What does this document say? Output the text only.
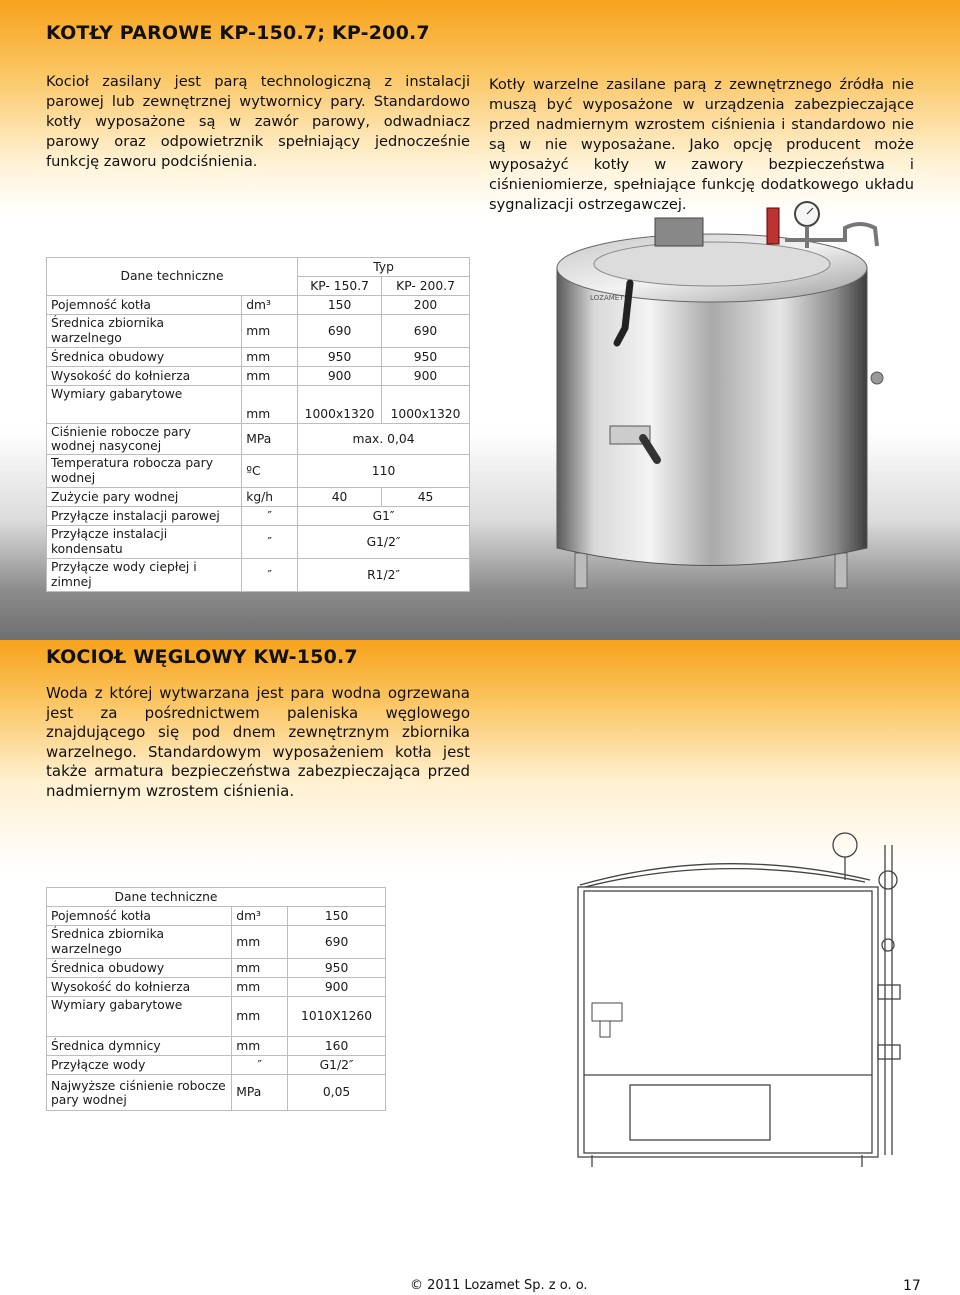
KOTŁY PAROWE KP-150.7; KP-200.7

Kocioł zasilany jest parą technologiczną z instalacji parowej lub zewnętrznej wytwornicy pary. Standardowo kotły wyposażone są w zawór parowy, odwadniacz parowy oraz odpowietrznik spełniający jednocześnie funkcję zaworu podciśnienia.

Kotły warzelne zasilane parą z zewnętrznego źródła nie muszą być wyposażone w urządzenia zabezpieczające przed nadmiernym wzrostem ciśnienia i standardowo nie są w nie wyposażane. Jako opcję producent może wyposażyć kotły w zawory bezpieczeństwa i ciśnieniomierze, spełniające funkcję dodatkowego układu sygnalizacji ostrzegawczej.

Dane techniczne		Typ	
		KP- 150.7	KP- 200.7
Pojemność kotła	dm³	150	200
Średnica zbiornika warzelnego	mm	690	690
Średnica obudowy	mm	950	950
Wysokość do kołnierza	mm	900	900
Wymiary gabarytowe	mm	1000x1320	1000x1320
Ciśnienie robocze pary wodnej nasyconej	MPa	max. 0,04	
Temperatura robocza pary wodnej	ºC	110	
Zużycie pary wodnej	kg/h	40	45
Przyłącze instalacji parowej	″	G1″	
Przyłącze instalacji kondensatu	″	G1/2″	
Przyłącze wody ciepłej i zimnej	″	R1/2″	
LOZAMET
KOCIOŁ WĘGLOWY KW-150.7

Woda z której wytwarzana jest para wodna ogrzewana jest za pośrednictwem paleniska węglowego znajdującego się pod dnem zewnętrznym zbiornika warzelnego. Standardowym wyposażeniem kotła jest także armatura bezpieczeństwa zabezpieczająca przed nadmiernym wzrostem ciśnienia.

Dane techniczne		
Pojemność kotła	dm³	150
Średnica zbiornika warzelnego	mm	690
Średnica obudowy	mm	950
Wysokość do kołnierza	mm	900
Wymiary gabarytowe	mm	1010X1260
Średnica dymnicy	mm	160
Przyłącze wody	″	G1/2″
Najwyższe ciśnienie robocze pary wodnej	MPa	0,05
© 2011 Lozamet Sp. z o. o.	17
